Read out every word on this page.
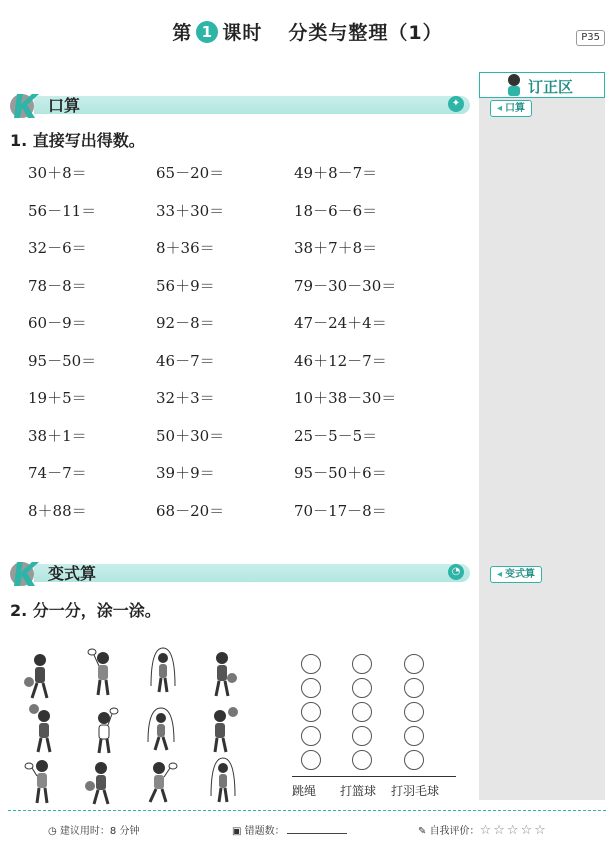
第 1 课时 分类与整理（1）	P35
口算	✦
1. 直接写出得数。
30＋8＝	65－20＝	49＋8－7＝
56－11＝	33＋30＝	18－6－6＝
32－6＝	8＋36＝	38＋7＋8＝
78－8＝	56＋9＝	79－30－30＝
60－9＝	92－8＝	47－24＋4＝
95－50＝	46－7＝	46＋12－7＝
19＋5＝	32＋3＝	10＋38－30＝
38＋1＝	50＋30＝	25－5－5＝
74－7＝	39＋9＝	95－50＋6＝
8＋88＝	68－20＝	70－17－8＝
变式算	◔
2. 分一分，涂一涂。
跳绳 打篮球 打羽毛球
订正区
◂ 口算
◂ 变式算
◷ 建议用时：8 分钟	▣ 错题数：	✎ 自我评价：☆☆☆☆☆
